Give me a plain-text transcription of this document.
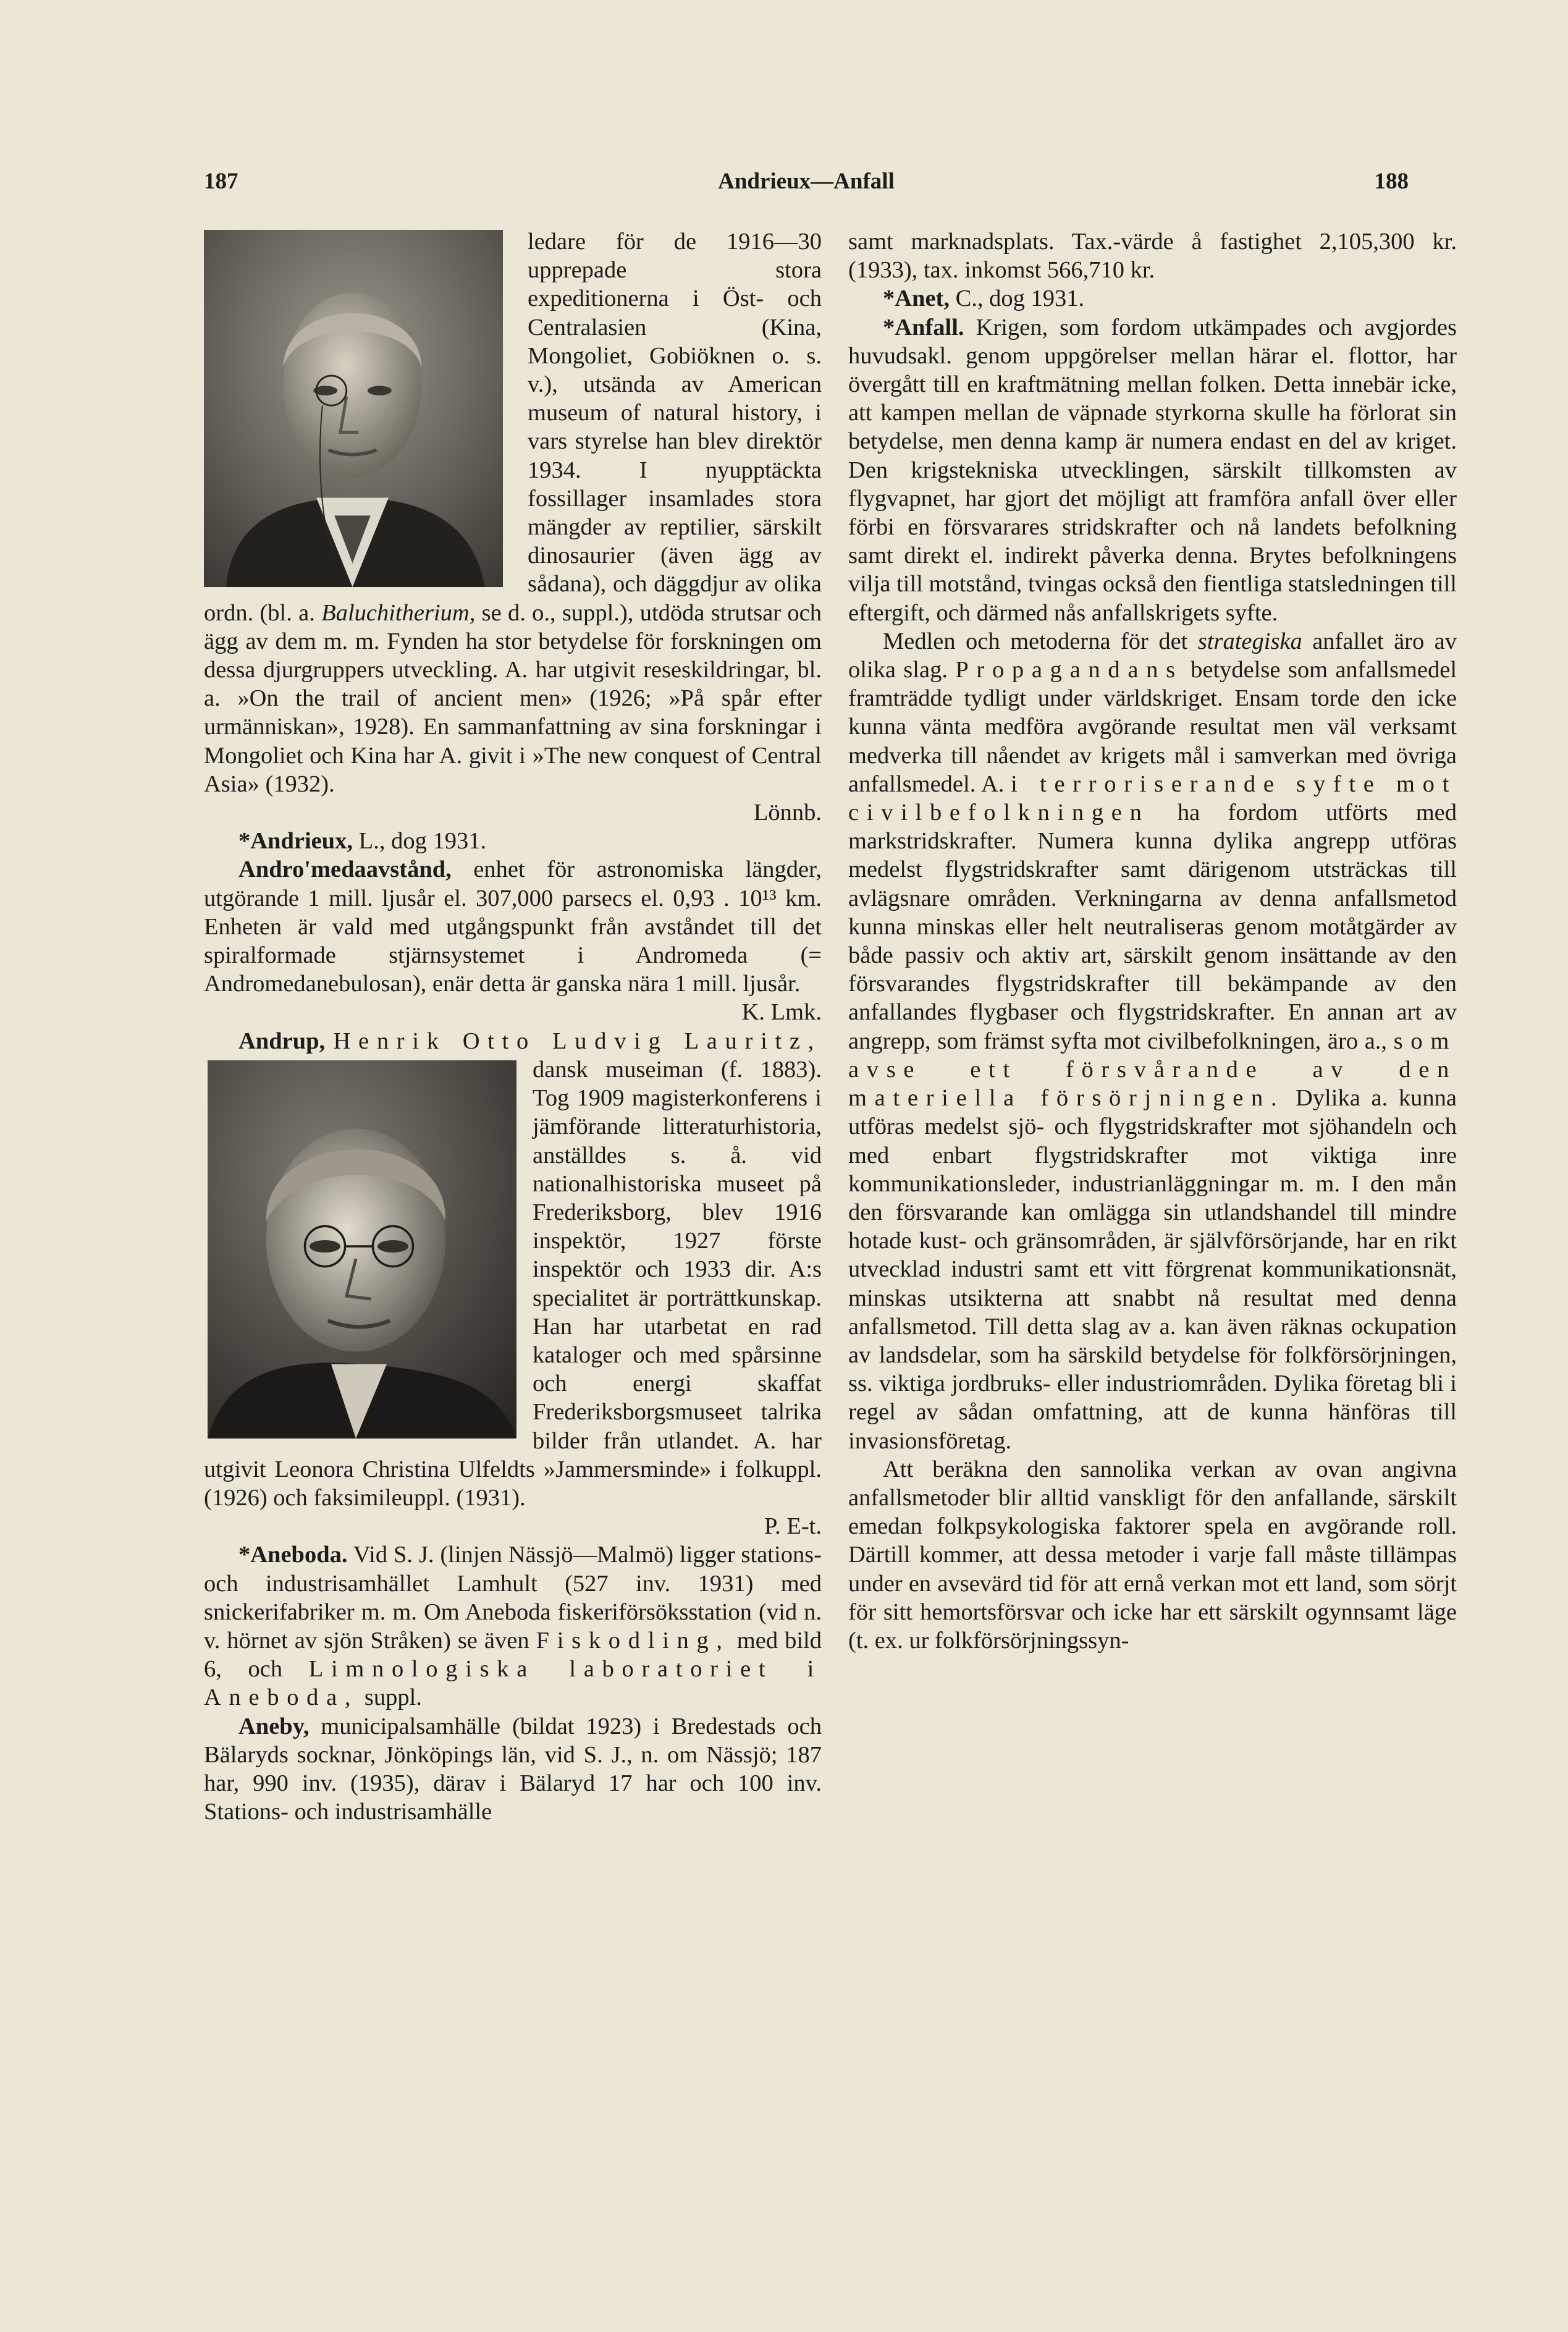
187	Andrieux—Anfall	188

ledare för de 1916—30 upprepade stora expeditionerna i Öst- och Centralasien (Kina, Mongoliet, Gobiöknen o. s. v.), utsända av American museum of natural history, i vars styrelse han blev direktör 1934. I nyupptäckta fossillager insamlades stora mängder av reptilier, särskilt dinosaurier (även ägg av sådana), och däggdjur av olika ordn. (bl. a. Baluchitherium, se d. o., suppl.), utdöda strutsar och ägg av dem m. m. Fynden ha stor betydelse för forskningen om dessa djurgruppers utveckling. A. har utgivit reseskildringar, bl. a. »On the trail of ancient men» (1926; »På spår efter urmänniskan», 1928). En sammanfattning av sina forskningar i Mongoliet och Kina har A. givit i »The new conquest of Central Asia» (1932).
Lönnb.

*Andrieux, L., dog 1931.

Andro'medaavstånd, enhet för astronomiska längder, utgörande 1 mill. ljusår el. 307,000 parsecs el. 0,93 . 10¹³ km. Enheten är vald med utgångspunkt från avståndet till det spiralformade stjärnsystemet i Andromeda (= Andromedanebulosan), enär detta är ganska nära 1 mill. ljusår.
K. Lmk.

Andrup, Henrik Otto Ludvig Lauritz,
dansk museiman (f. 1883). Tog 1909 magisterkonferens i jämförande litteraturhistoria, anställdes s. å. vid nationalhistoriska museet på Frederiksborg, blev 1916 inspektör, 1927 förste inspektör och 1933 dir. A:s specialitet är porträttkunskap. Han har utarbetat en rad kataloger och med spårsinne och energi skaffat Frederiksborgsmuseet talrika bilder från utlandet. A. har utgivit Leonora Christina Ulfeldts »Jammersminde» i folkuppl. (1926) och faksimileuppl. (1931).
P. E-t.

*Aneboda. Vid S. J. (linjen Nässjö—Malmö) ligger stations- och industrisamhället Lamhult (527 inv. 1931) med snickerifabriker m. m. Om Aneboda fiskeriförsöksstation (vid n. v. hörnet av sjön Stråken) se även Fiskodling, med bild 6, och Limnologiska laboratoriet i Aneboda, suppl.

Aneby, municipalsamhälle (bildat 1923) i Bredestads och Bälaryds socknar, Jönköpings län, vid S. J., n. om Nässjö; 187 har, 990 inv. (1935), därav i Bälaryd 17 har och 100 inv. Stations- och industrisamhälle

samt marknadsplats. Tax.-värde å fastighet 2,105,300 kr. (1933), tax. inkomst 566,710 kr.

*Anet, C., dog 1931.

*Anfall. Krigen, som fordom utkämpades och avgjordes huvudsakl. genom uppgörelser mellan härar el. flottor, har övergått till en kraftmätning mellan folken. Detta innebär icke, att kampen mellan de väpnade styrkorna skulle ha förlorat sin betydelse, men denna kamp är numera endast en del av kriget. Den krigstekniska utvecklingen, särskilt tillkomsten av flygvapnet, har gjort det möjligt att framföra anfall över eller förbi en försvarares stridskrafter och nå landets befolkning samt direkt el. indirekt påverka denna. Brytes befolkningens vilja till motstånd, tvingas också den fientliga statsledningen till eftergift, och därmed nås anfallskrigets syfte.

Medlen och metoderna för det strategiska anfallet äro av olika slag. Propagandans betydelse som anfallsmedel framträdde tydligt under världskriget. Ensam torde den icke kunna vänta medföra avgörande resultat men väl verksamt medverka till nåendet av krigets mål i samverkan med övriga anfallsmedel. A. i terroriserande syfte mot civilbefolkningen ha fordom utförts med markstridskrafter. Numera kunna dylika angrepp utföras medelst flygstridskrafter samt därigenom utsträckas till avlägsnare områden. Verkningarna av denna anfallsmetod kunna minskas eller helt neutraliseras genom motåtgärder av både passiv och aktiv art, särskilt genom insättande av den försvarandes flygstridskrafter till bekämpande av den anfallandes flygbaser och flygstridskrafter. En annan art av angrepp, som främst syfta mot civilbefolkningen, äro a., som avse ett försvårande av den materiella försörjningen. Dylika a. kunna utföras medelst sjö- och flygstridskrafter mot sjöhandeln och med enbart flygstridskrafter mot viktiga inre kommunikationsleder, industrianläggningar m. m. I den mån den försvarande kan omlägga sin utlandshandel till mindre hotade kust- och gränsområden, är självförsörjande, har en rikt utvecklad industri samt ett vitt förgrenat kommunikationsnät, minskas utsikterna att snabbt nå resultat med denna anfallsmetod. Till detta slag av a. kan även räknas ockupation av landsdelar, som ha särskild betydelse för folkförsörjningen, ss. viktiga jordbruks- eller industriområden. Dylika företag bli i regel av sådan omfattning, att de kunna hänföras till invasionsföretag.

Att beräkna den sannolika verkan av ovan angivna anfallsmetoder blir alltid vanskligt för den anfallande, särskilt emedan folkpsykologiska faktorer spela en avgörande roll. Därtill kommer, att dessa metoder i varje fall måste tillämpas under en avsevärd tid för att ernå verkan mot ett land, som sörjt för sitt hemortsförsvar och icke har ett särskilt ogynnsamt läge (t. ex. ur folkförsörjningssyn-
